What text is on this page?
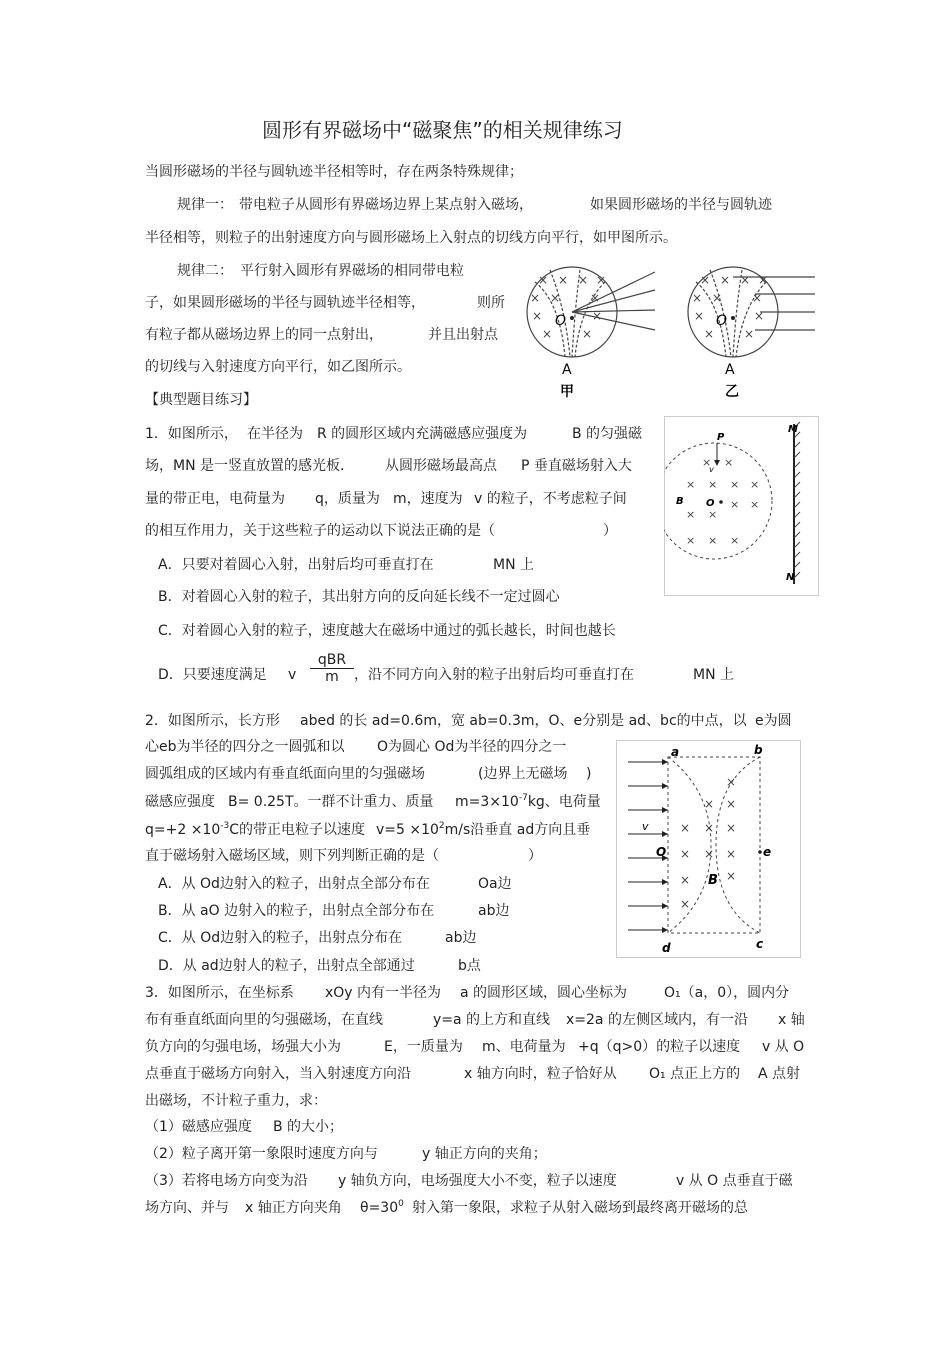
圆形有界磁场中“磁聚焦”的相关规律练习
当圆形磁场的半径与圆轨迹半径相等时，存在两条特殊规律；
规律一： 带电粒子从圆形有界磁场边界上某点射入磁场，	如果圆形磁场的半径与圆轨迹
半径相等，则粒子的出射速度方向与圆形磁场上入射点的切线方向平行，如甲图所示。
规律二： 平行射入圆形有界磁场的相同带电粒
子，如果圆形磁场的半径与圆轨迹半径相等，	则所
有粒子都从磁场边界上的同一点射出，	并且出射点
的切线与入射速度方向平行，如乙图所示。
× × × ×
× × ×
×	×
× ×
O
A
甲
× × × ×
× × ×
×	×
× ×
O
A
乙
【典型题目练习】
1．如图所示， 在半径为 R 的圆形区域内充满磁感应强度为	B 的匀强磁
场，MN 是一竖直放置的感光板． 从圆形磁场最高点 P 垂直磁场射入大
量的带正电，电荷量为 q，质量为 m，速度为 v 的粒子，不考虑粒子间
的相互作用力，关于这些粒子的运动以下说法正确的是（	）
A．只要对着圆心入射，出射后均可垂直打在	MN 上
B．对着圆心入射的粒子，其出射方向的反向延长线不一定过圆心
C．对着圆心入射的粒子，速度越大在磁场中通过的弧长越长，时间也越长
D．只要速度满足 v
qBR
m	，沿不同方向入射的粒子出射后均可垂直打在	MN 上
× ×
× × × ×
× ×
× ×
× × ×
M
N
P
B O
v
2．如图所示，长方形 abed 的长 ad=0.6m，宽 ab=0.3m，O、e分别是 ad、bc的中点，以 e为圆
心eb为半径的四分之一圆弧和以 O为圆心 Od为半径的四分之一
圆弧组成的区域内有垂直纸面向里的匀强磁场	(边界上无磁场 )
磁感应强度 B= 0.25T。一群不计重力、质量 $m=3\times 10^{-7}kg$、电荷量
$q=+2 \times 10^{-3}C$的带正电粒子以速度 $v=5 \times 10^2m/s$沿垂直 ad方向且垂
直于磁场射入磁场区域，则下列判断正确的是（	）
A．从 Od边射入的粒子，出射点全部分布在	Oa边
B．从 aO 边射入的粒子，出射点全部分布在	ab边
C．从 Od边射入的粒子，出射点分布在	ab边
D．从 ad边射人的粒子，出射点全部通过	b点
×
× ×
× × ×
× × ×
×	×
×
a	b
c
d
e
O
v
B
3．如图所示，在坐标系 xOy 内有一半径为 a 的圆形区域，圆心坐标为	O₁（a，0），圆内分
布有垂直纸面向里的匀强磁场，在直线	y=a 的上方和直线 x=2a 的左侧区域内，有一沿 x 轴
负方向的匀强电场，场强大小为	E，一质量为 m、电荷量为 +q（q>0）的粒子以速度 v 从 O
点垂直于磁场方向射入，当入射速度方向沿	x 轴方向时，粒子恰好从 O₁ 点正上方的 A 点射
出磁场，不计粒子重力，求：
（1）磁感应强度 B 的大小；
（2）粒子离开第一象限时速度方向与	y 轴正方向的夹角；
（3）若将电场方向变为沿 y 轴负方向，电场强度大小不变，粒子以速度	v 从 O 点垂直于磁
场方向、并与 x 轴正方向夹角 $\theta=30^0$ 射入第一象限，求粒子从射入磁场到最终离开磁场的总
